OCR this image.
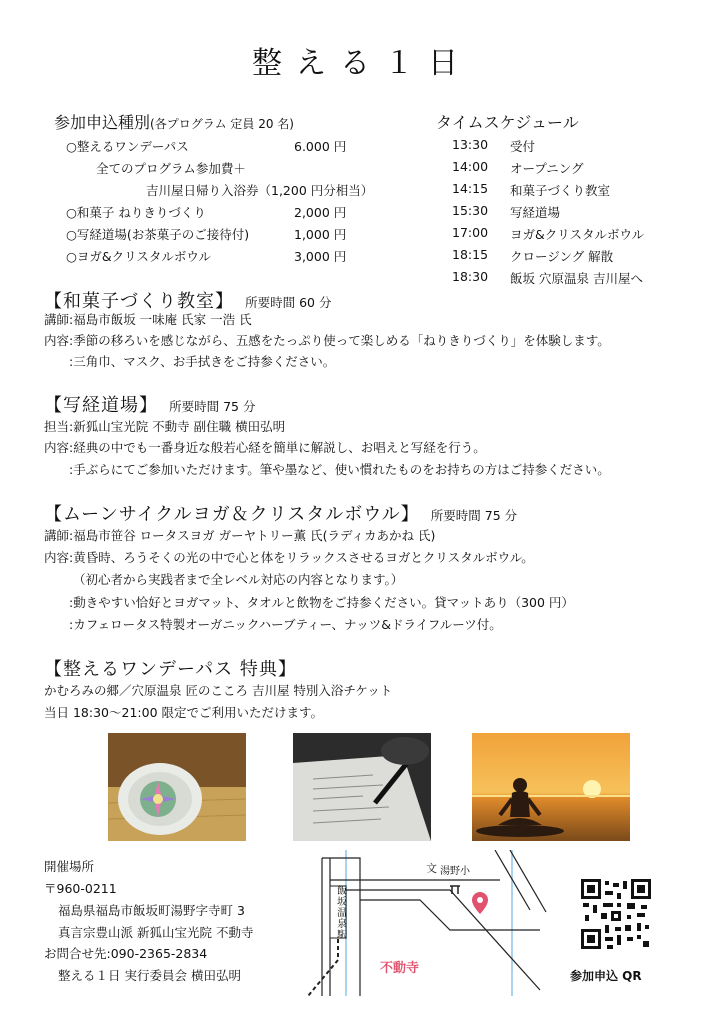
整える１日
参加申込種別(各プログラム 定員 20 名)
○整えるワンデーパス	6.000 円
全てのプログラム参加費＋
吉川屋日帰り入浴券（1,200 円分相当）
○和菓子 ねりきりづくり	2,000 円
○写経道場(お茶菓子のご接待付)	1,000 円
○ヨガ&クリスタルボウル	3,000 円
タイムスケジュール
13:30	受付
14:00	オープニング
14:15	和菓子づくり教室
15:30	写経道場
17:00	ヨガ&クリスタルボウル
18:15	クロージング 解散
18:30	飯坂 穴原温泉 吉川屋へ
【和菓子づくり教室】 所要時間 60 分
講師:福島市飯坂 一味庵 氏家 一浩 氏
内容:季節の移ろいを感じながら、五感をたっぷり使って楽しめる「ねりきりづくり」を体験します。
　　:三角巾、マスク、お手拭きをご持参ください。
【写経道場】 所要時間 75 分
担当:新狐山宝光院 不動寺 副住職 横田弘明
内容:経典の中でも一番身近な般若心経を簡単に解説し、お唱えと写経を行う。
　　:手ぶらにてご参加いただけます。筆や墨など、使い慣れたものをお持ちの方はご持参ください。
【ムーンサイクルヨガ＆クリスタルボウル】 所要時間 75 分
講師:福島市笹谷 ロータスヨガ ガーヤトリー薫 氏(ラディカあかね 氏)
内容:黄昏時、ろうそくの光の中で心と体をリラックスさせるヨガとクリスタルボウル。
　　 （初心者から実践者まで全レベル対応の内容となります。）
　　:動きやすい恰好とヨガマット、タオルと飲物をご持参ください。貸マットあり（300 円）
　　:カフェロータス特製オーガニックハーブティー、ナッツ&ドライフルーツ付。
【整えるワンデーパス 特典】
かむろみの郷／穴原温泉 匠のこころ 吉川屋 特別入浴チケット
当日 18:30～21:00 限定でご利用いただけます。
開催場所
〒960-0211
福島県福島市飯坂町湯野字寺町 3
真言宗豊山派 新狐山宝光院 不動寺
お問合せ先:090-2365-2834
整える１日 実行委員会 横田弘明
文
飯坂温泉駅
湯野小
不動寺	参加申込 QR
